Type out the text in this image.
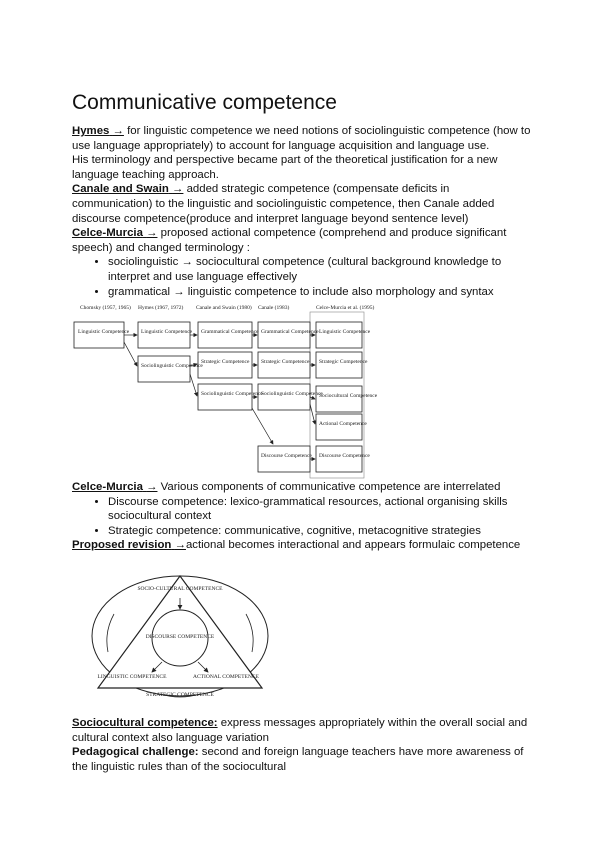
Communicative competence

Hymes → for linguistic competence we need notions of sociolinguistic competence (how to use language appropriately) to account for language acquisition and language use.

His terminology and perspective became part of the theoretical justification for a new language teaching approach.

Canale and Swain → added strategic competence (compensate deficits in communication) to the linguistic and sociolinguistic competence, then Canale added discourse competence(produce and interpret language beyond sentence level)

Celce-Murcia → proposed actional competence (comprehend and produce significant speech) and changed terminology :

• sociolinguistic → sociocultural competence (cultural background knowledge to interpret and use language effectively
• grammatical → linguistic competence to include also morphology and syntax
Chomsky (1957, 1965) Hymes (1967, 1972) Canale and Swain (1980) Canale (1983)	Celce-Murcia et al. (1995)
Linguistic Competence Linguistic Competence
Sociolinguistic Competence
Grammatical Competence
Strategic Competence
Sociolinguistic Competence
Grammatical Competence
Strategic Competence
Sociolinguistic Competence
Discourse Competence
Linguistic Competence
Strategic Competence
Sociocultural Competence
Actional Competence
Discourse Competence

Celce-Murcia → Various components of communicative competence are interrelated

• Discourse competence: lexico-grammatical resources, actional organising skills sociocultural context
• Strategic competence: communicative, cognitive, metacognitive strategies

Proposed revision →actional becomes interactional and appears formulaic competence

SOCIO-CULTURAL COMPETENCE
DISCOURSE COMPETENCE
LINGUISTIC COMPETENCE	ACTIONAL COMPETENCE
STRATEGIC COMPETENCE

Sociocultural competence: express messages appropriately within the overall social and cultural context also language variation

Pedagogical challenge: second and foreign language teachers have more awareness of the linguistic rules than of the sociocultural
